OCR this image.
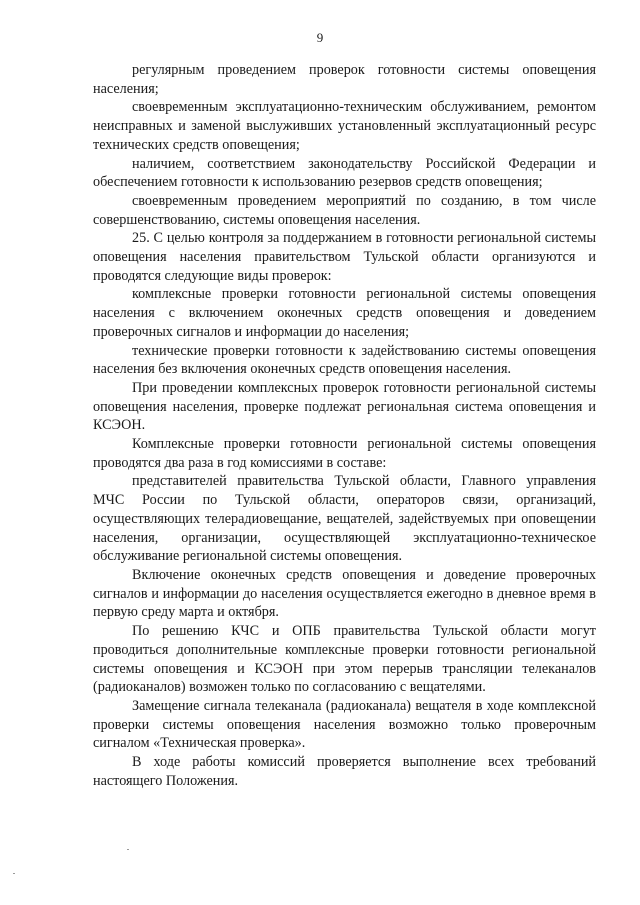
9

регулярным проведением проверок готовности системы оповещения населения;

своевременным эксплуатационно-техническим обслуживанием, ремонтом неисправных и заменой выслуживших установленный эксплуатационный ресурс технических средств оповещения;

наличием, соответствием законодательству Российской Федерации и обеспечением готовности к использованию резервов средств оповещения;

своевременным проведением мероприятий по созданию, в том числе совершенствованию, системы оповещения населения.

25. С целью контроля за поддержанием в готовности региональной системы оповещения населения правительством Тульской области организуются и проводятся следующие виды проверок:

комплексные проверки готовности региональной системы оповещения населения с включением оконечных средств оповещения и доведением проверочных сигналов и информации до населения;

технические проверки готовности к задействованию системы оповещения населения без включения оконечных средств оповещения населения.

При проведении комплексных проверок готовности региональной системы оповещения населения, проверке подлежат региональная система оповещения и КСЭОН.

Комплексные проверки готовности региональной системы оповещения проводятся два раза в год комиссиями в составе:

представителей правительства Тульской области, Главного управления МЧС России по Тульской области, операторов связи, организаций, осуществляющих телерадиовещание, вещателей, задействуемых при оповещении населения, организации, осуществляющей эксплуатационно-техническое обслуживание региональной системы оповещения.

Включение оконечных средств оповещения и доведение проверочных сигналов и информации до населения осуществляется ежегодно в дневное время в первую среду марта и октября.

По решению КЧС и ОПБ правительства Тульской области могут проводиться дополнительные комплексные проверки готовности региональной системы оповещения и КСЭОН при этом перерыв трансляции телеканалов (радиоканалов) возможен только по согласованию с вещателями.

Замещение сигнала телеканала (радиоканала) вещателя в ходе комплексной проверки системы оповещения населения возможно только проверочным сигналом «Техническая проверка».

В ходе работы комиссий проверяется выполнение всех требований настоящего Положения.
